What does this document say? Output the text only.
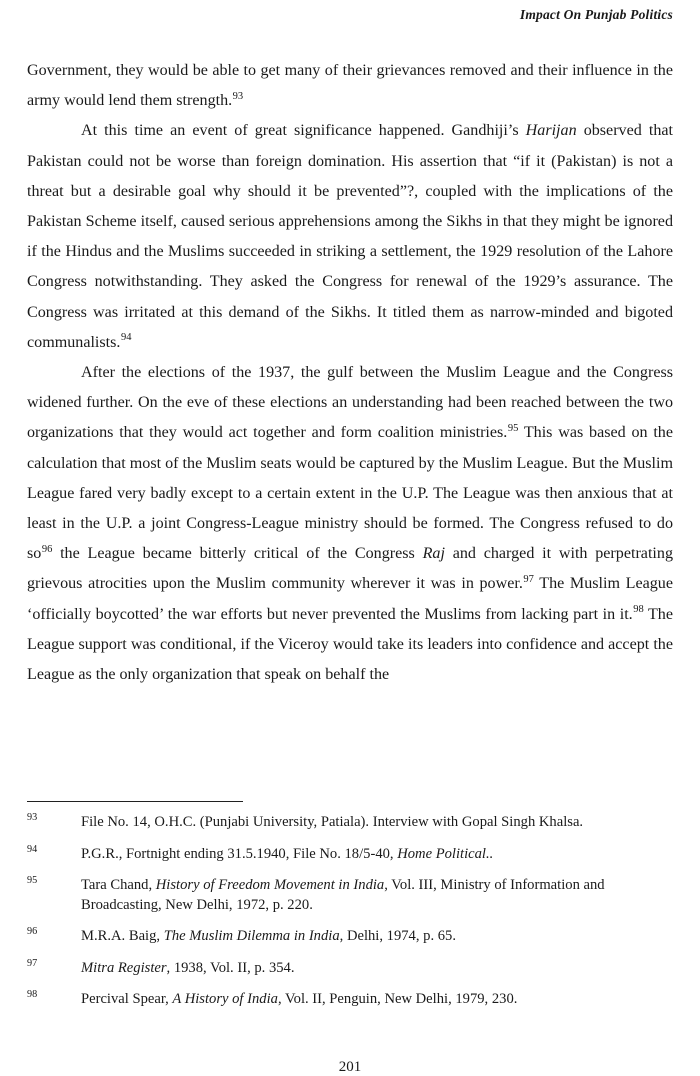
Impact On Punjab Politics

Government, they would be able to get many of their grievances removed and their influence in the army would lend them strength.$^{93}$

At this time an event of great significance happened. Gandhiji’s Harijan observed that Pakistan could not be worse than foreign domination. His assertion that “if it (Pakistan) is not a threat but a desirable goal why should it be prevented”?, coupled with the implications of the Pakistan Scheme itself, caused serious apprehensions among the Sikhs in that they might be ignored if the Hindus and the Muslims succeeded in striking a settlement, the 1929 resolution of the Lahore Congress notwithstanding. They asked the Congress for renewal of the 1929’s assurance. The Congress was irritated at this demand of the Sikhs. It titled them as narrow-minded and bigoted communalists.$^{94}$

After the elections of the 1937, the gulf between the Muslim League and the Congress widened further. On the eve of these elections an understanding had been reached between the two organizations that they would act together and form coalition ministries.$^{95}$ This was based on the calculation that most of the Muslim seats would be captured by the Muslim League. But the Muslim League fared very badly except to a certain extent in the U.P. The League was then anxious that at least in the U.P. a joint Congress-League ministry should be formed. The Congress refused to do so$^{96}$ the League became bitterly critical of the Congress Raj and charged it with perpetrating grievous atrocities upon the Muslim community wherever it was in power.$^{97}$ The Muslim League ‘officially boycotted’ the war efforts but never prevented the Muslims from lacking part in it.$^{98}$ The League support was conditional, if the Viceroy would take its leaders into confidence and accept the League as the only organization that speak on behalf the

93	File No. 14, O.H.C. (Punjabi University, Patiala). Interview with Gopal Singh Khalsa.
94	P.G.R., Fortnight ending 31.5.1940, File No. 18/5-40, Home Political..
95	Tara Chand, History of Freedom Movement in India, Vol. III, Ministry of Information and Broadcasting, New Delhi, 1972, p. 220.
96	M.R.A. Baig, The Muslim Dilemma in India, Delhi, 1974, p. 65.
97	Mitra Register, 1938, Vol. II, p. 354.
98	Percival Spear, A History of India, Vol. II, Penguin, New Delhi, 1979, 230.
201
